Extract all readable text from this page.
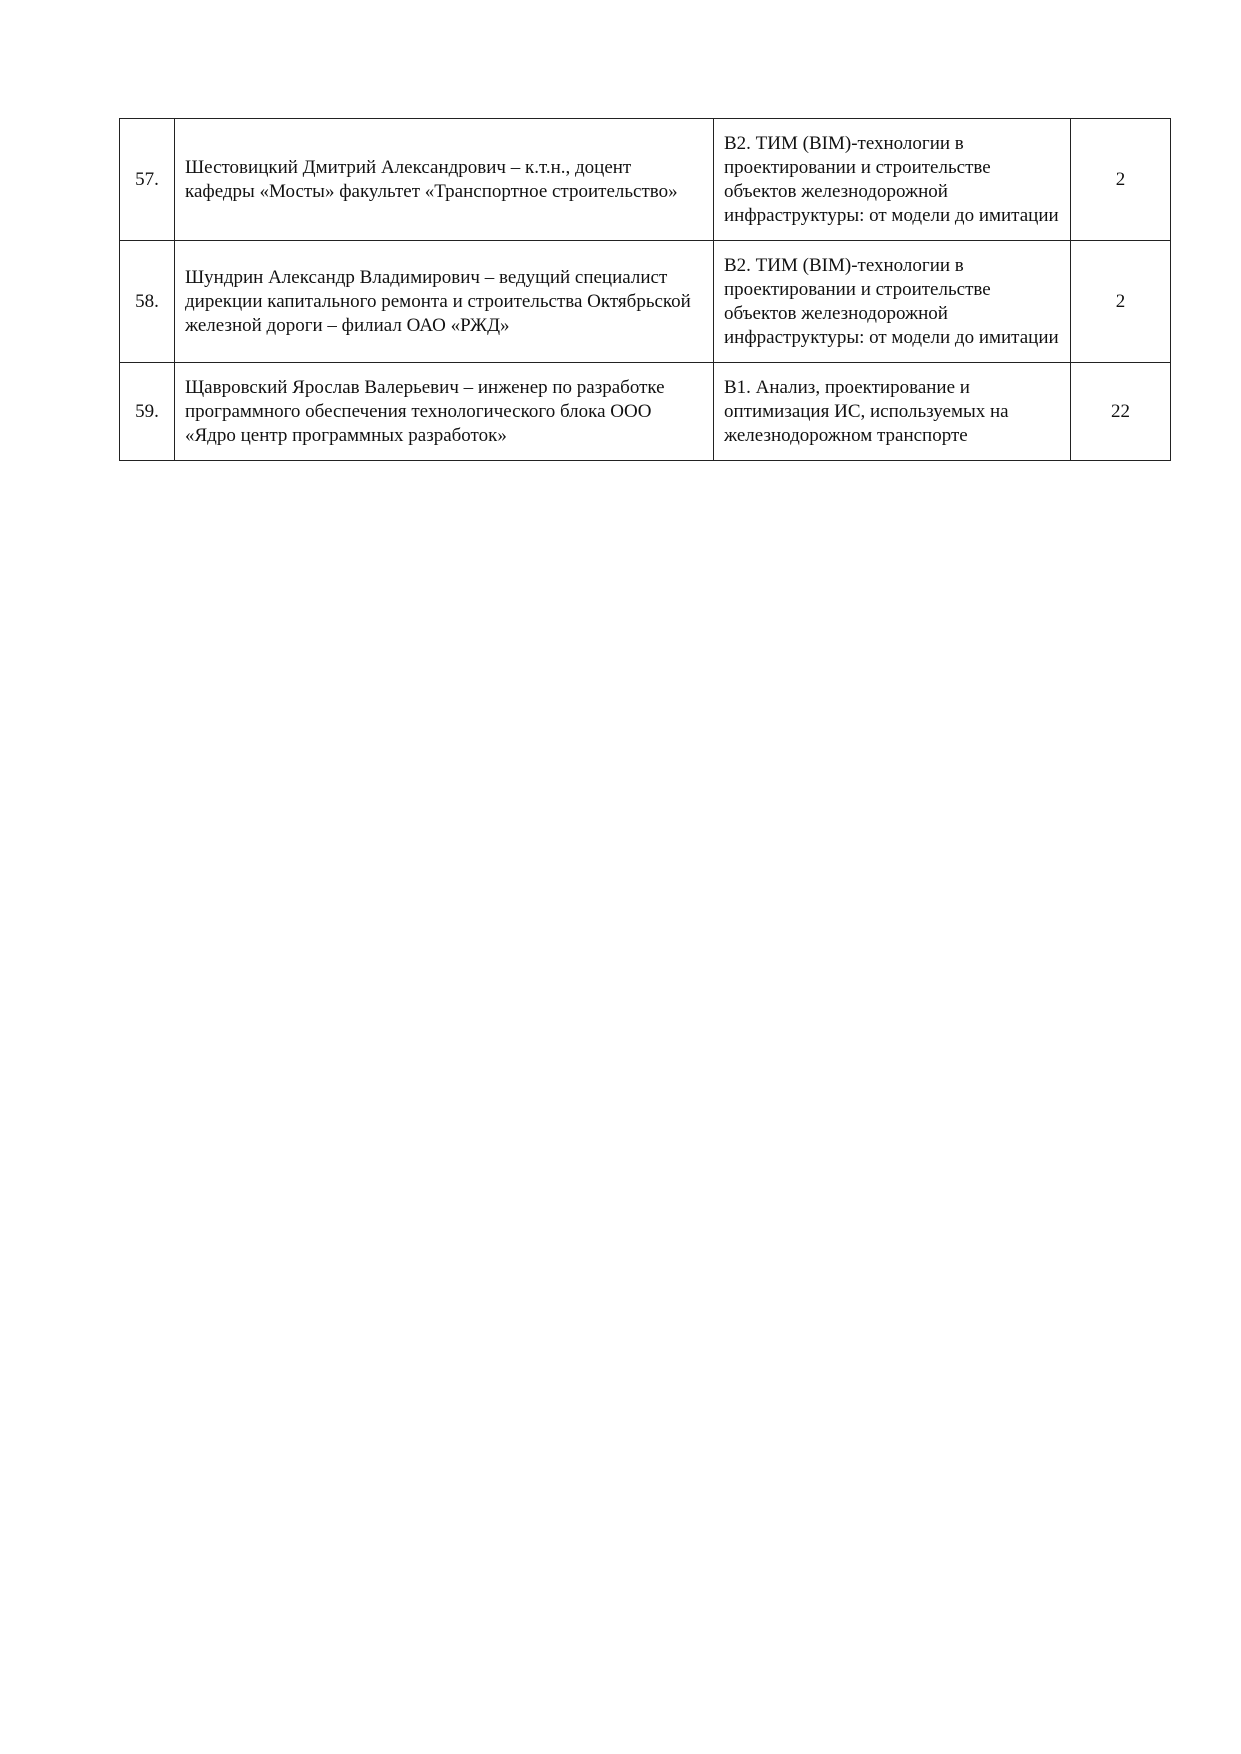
57.	Шестовицкий Дмитрий Александрович – к.т.н., доцент кафедры «Мосты» факультет «Транспортное строительство»	В2. ТИМ (BIM)-технологии в проектировании и строительстве объектов железнодорожной инфраструктуры: от модели до имитации	2
58.	Шундрин Александр Владимирович – ведущий специалист дирекции капитального ремонта и строительства Октябрьской железной дороги – филиал ОАО «РЖД»	В2. ТИМ (BIM)-технологии в проектировании и строительстве объектов железнодорожной инфраструктуры: от модели до имитации	2
59.	Щавровский Ярослав Валерьевич – инженер по разработке программного обеспечения технологического блока ООО «Ядро центр программных разработок»	В1. Анализ, проектирование и оптимизация ИС, используемых на железнодорожном транспорте	22
